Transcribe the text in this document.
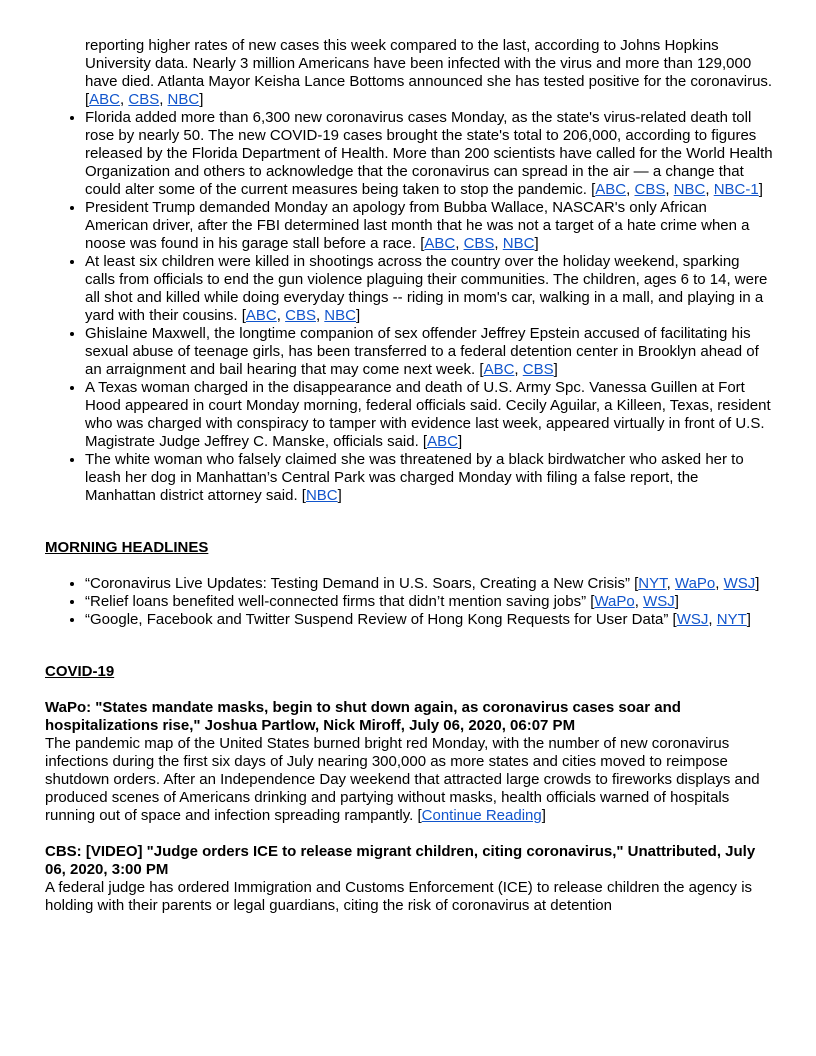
reporting higher rates of new cases this week compared to the last, according to Johns Hopkins University data. Nearly 3 million Americans have been infected with the virus and more than 129,000 have died. Atlanta Mayor Keisha Lance Bottoms announced she has tested positive for the coronavirus. [ABC, CBS, NBC]
• Florida added more than 6,300 new coronavirus cases Monday, as the state's virus-related death toll rose by nearly 50. The new COVID-19 cases brought the state's total to 206,000, according to figures released by the Florida Department of Health. More than 200 scientists have called for the World Health Organization and others to acknowledge that the coronavirus can spread in the air — a change that could alter some of the current measures being taken to stop the pandemic. [ABC, CBS, NBC, NBC-1]
• President Trump demanded Monday an apology from Bubba Wallace, NASCAR's only African American driver, after the FBI determined last month that he was not a target of a hate crime when a noose was found in his garage stall before a race. [ABC, CBS, NBC]
• At least six children were killed in shootings across the country over the holiday weekend, sparking calls from officials to end the gun violence plaguing their communities. The children, ages 6 to 14, were all shot and killed while doing everyday things -- riding in mom's car, walking in a mall, and playing in a yard with their cousins. [ABC, CBS, NBC]
• Ghislaine Maxwell, the longtime companion of sex offender Jeffrey Epstein accused of facilitating his sexual abuse of teenage girls, has been transferred to a federal detention center in Brooklyn ahead of an arraignment and bail hearing that may come next week. [ABC, CBS]
• A Texas woman charged in the disappearance and death of U.S. Army Spc. Vanessa Guillen at Fort Hood appeared in court Monday morning, federal officials said. Cecily Aguilar, a Killeen, Texas, resident who was charged with conspiracy to tamper with evidence last week, appeared virtually in front of U.S. Magistrate Judge Jeffrey C. Manske, officials said. [ABC]
• The white woman who falsely claimed she was threatened by a black birdwatcher who asked her to leash her dog in Manhattan’s Central Park was charged Monday with filing a false report, the Manhattan district attorney said. [NBC]

MORNING HEADLINES

• “Coronavirus Live Updates: Testing Demand in U.S. Soars, Creating a New Crisis” [NYT, WaPo, WSJ]
• “Relief loans benefited well-connected firms that didn’t mention saving jobs” [WaPo, WSJ]
• “Google, Facebook and Twitter Suspend Review of Hong Kong Requests for User Data” [WSJ, NYT]

COVID-19

WaPo: "States mandate masks, begin to shut down again, as coronavirus cases soar and hospitalizations rise," Joshua Partlow, Nick Miroff, July 06, 2020, 06:07 PM

The pandemic map of the United States burned bright red Monday, with the number of new coronavirus infections during the first six days of July nearing 300,000 as more states and cities moved to reimpose shutdown orders. After an Independence Day weekend that attracted large crowds to fireworks displays and produced scenes of Americans drinking and partying without masks, health officials warned of hospitals running out of space and infection spreading rampantly. [Continue Reading]

CBS: [VIDEO] "Judge orders ICE to release migrant children, citing coronavirus," Unattributed, July 06, 2020, 3:00 PM

A federal judge has ordered Immigration and Customs Enforcement (ICE) to release children the agency is holding with their parents or legal guardians, citing the risk of coronavirus at detention
